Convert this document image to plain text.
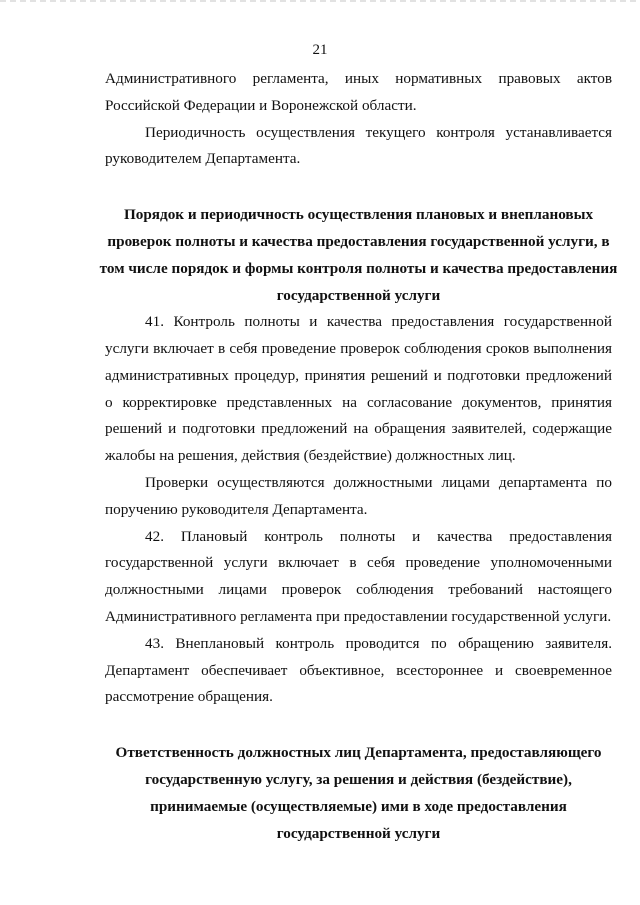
21

Административного регламента, иных нормативных правовых актов Российской Федерации и Воронежской области.

Периодичность осуществления текущего контроля устанавливается руководителем Департамента.

Порядок и периодичность осуществления плановых и внеплановых проверок полноты и качества предоставления государственной услуги, в том числе порядок и формы контроля полноты и качества предоставления государственной услуги

41. Контроль полноты и качества предоставления государственной услуги включает в себя проведение проверок соблюдения сроков выполнения административных процедур, принятия решений и подготовки предложений о корректировке представленных на согласование документов, принятия решений и подготовки предложений на обращения заявителей, содержащие жалобы на решения, действия (бездействие) должностных лиц.

Проверки осуществляются должностными лицами департамента по поручению руководителя Департамента.

42. Плановый контроль полноты и качества предоставления государственной услуги включает в себя проведение уполномоченными должностными лицами проверок соблюдения требований настоящего Административного регламента при предоставлении государственной услуги.

43. Внеплановый контроль проводится по обращению заявителя. Департамент обеспечивает объективное, всестороннее и своевременное рассмотрение обращения.

Ответственность должностных лиц Департамента, предоставляющего государственную услугу, за решения и действия (бездействие), принимаемые (осуществляемые) ими в ходе предоставления государственной услуги
